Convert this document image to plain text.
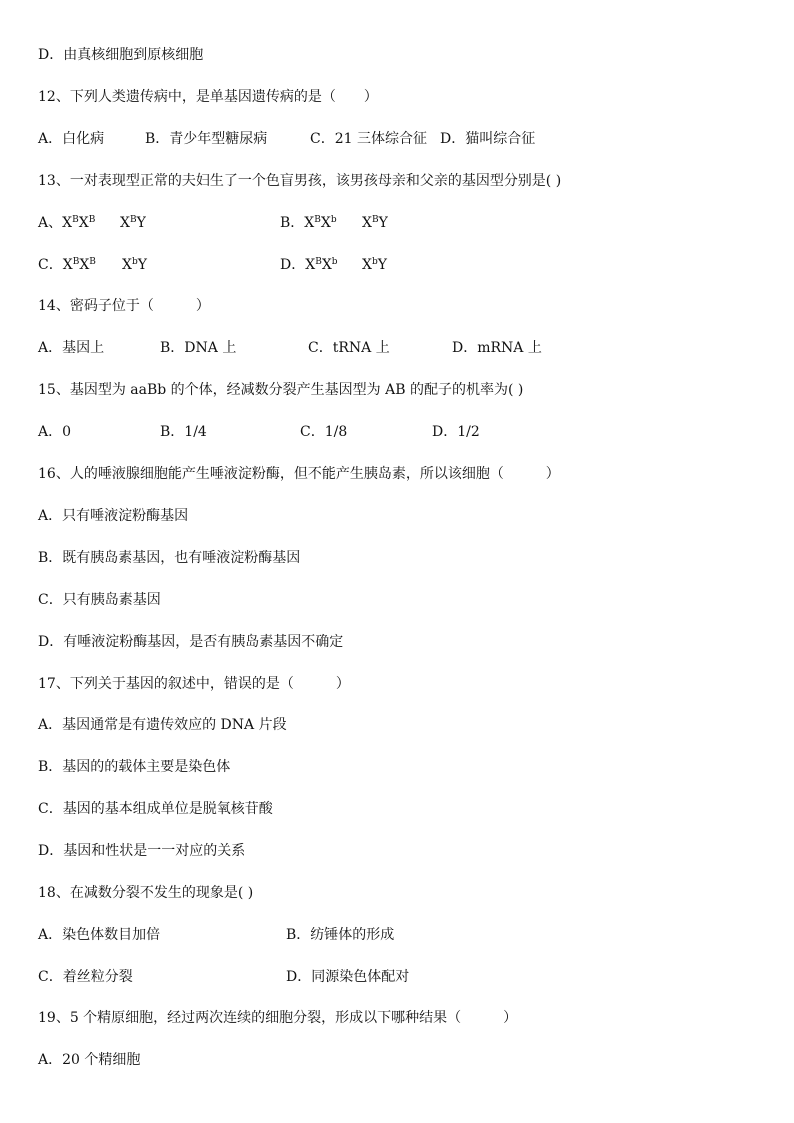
D．由真核细胞到原核细胞
12、下列人类遗传病中，是单基因遗传病的是（　　）
A．白化病	B．青少年型糖尿病	C．21 三体综合征 D．猫叫综合征
13、一对表现型正常的夫妇生了一个色盲男孩，该男孩母亲和父亲的基因型分别是( )
A、$X^BX^B$ $X^BY$	B．$X^BX^b$ $X^BY$
C．$X^BX^B$ $X^bY$	D．$X^BX^b$ $X^bY$
14、密码子位于（　　　）
A．基因上	B．DNA 上	C．tRNA 上	D．mRNA 上
15、基因型为 aaBb 的个体，经减数分裂产生基因型为 AB 的配子的机率为( )
A．0	B．1/4	C．1/8	D．1/2
16、人的唾液腺细胞能产生唾液淀粉酶，但不能产生胰岛素，所以该细胞（　　　）
A．只有唾液淀粉酶基因
B．既有胰岛素基因，也有唾液淀粉酶基因
C．只有胰岛素基因
D．有唾液淀粉酶基因，是否有胰岛素基因不确定
17、下列关于基因的叙述中，错误的是（　　　）
A．基因通常是有遗传效应的 DNA 片段
B．基因的的载体主要是染色体
C．基因的基本组成单位是脱氧核苷酸
D．基因和性状是一一对应的关系
18、在减数分裂不发生的现象是( )
A．染色体数目加倍	B．纺锤体的形成
C．着丝粒分裂	D．同源染色体配对
19、5 个精原细胞，经过两次连续的细胞分裂，形成以下哪种结果（　　　）
A．20 个精细胞
